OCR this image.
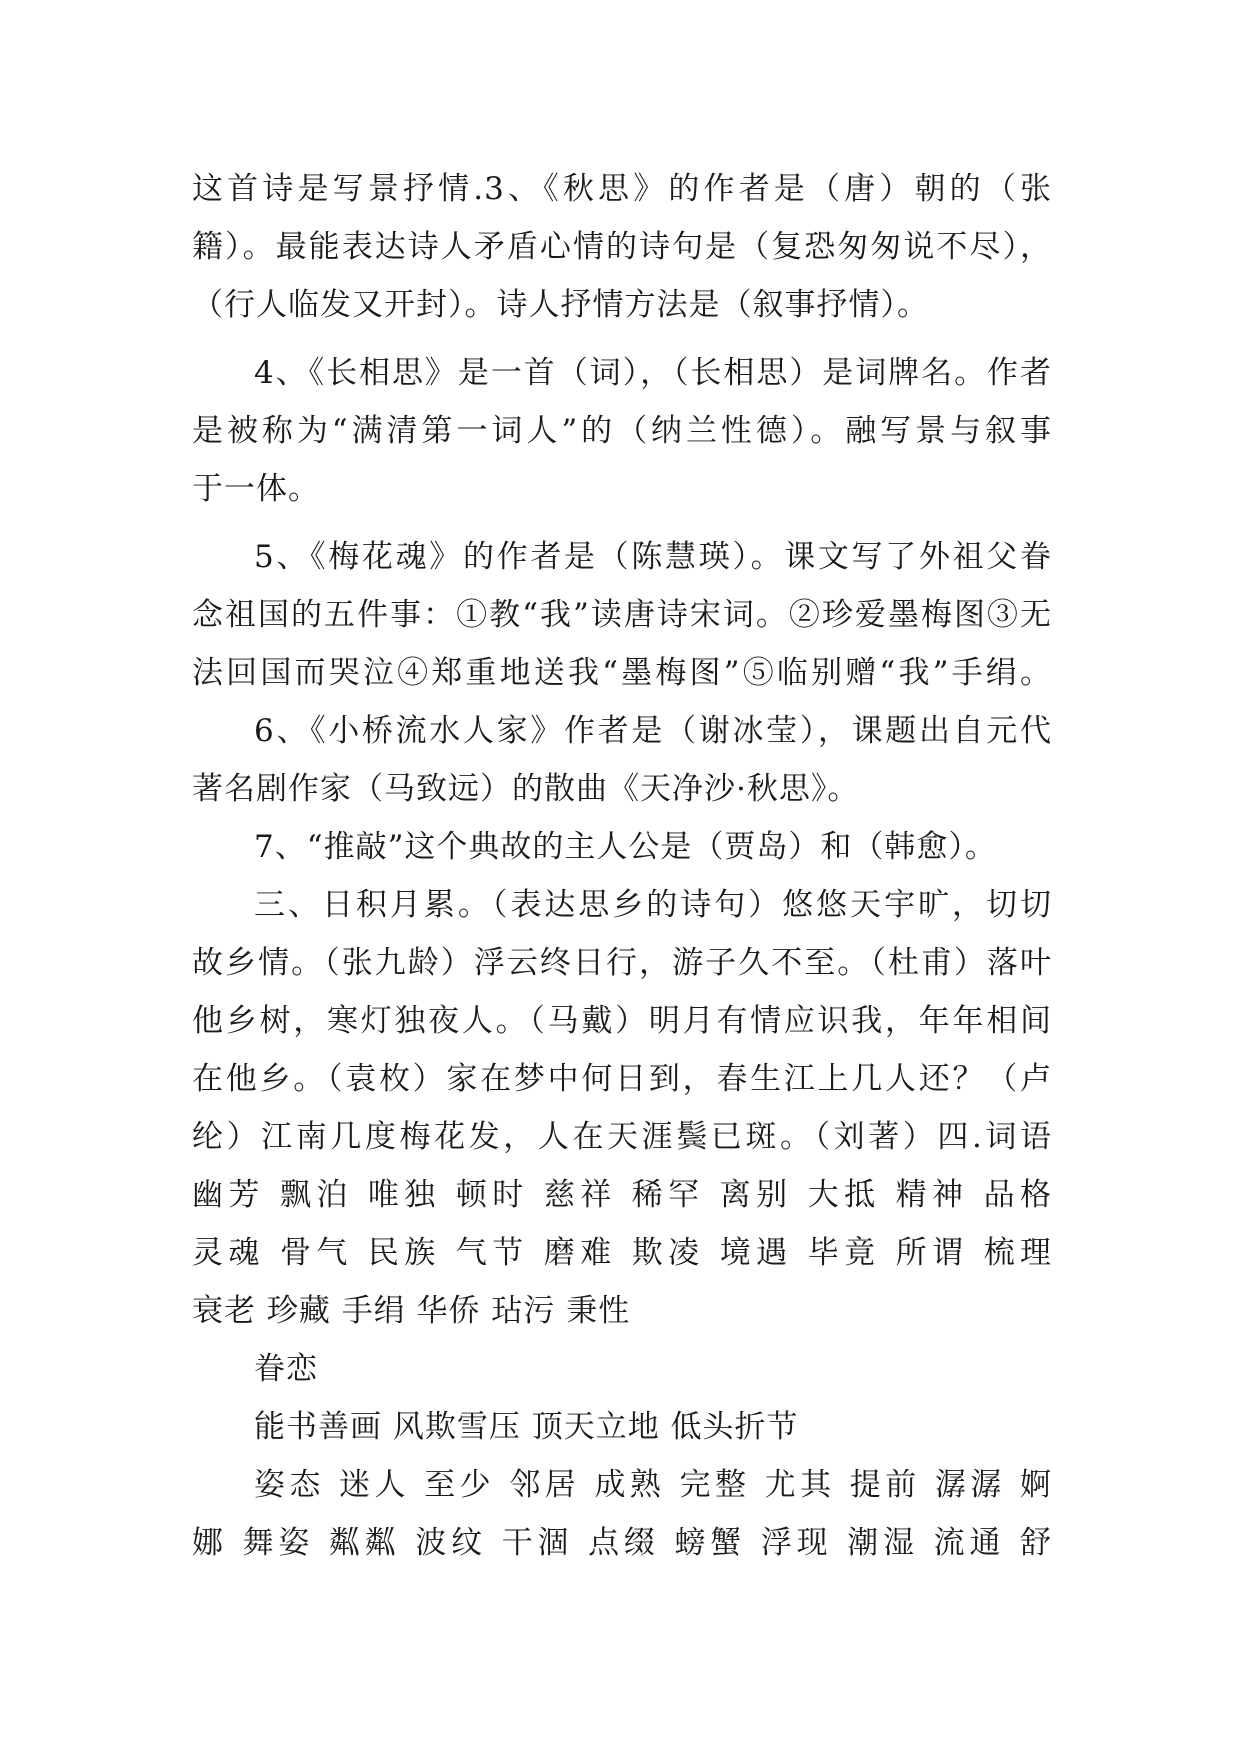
这首诗是写景抒情.3、《秋思》的作者是（唐）朝的（张
籍）。最能表达诗人矛盾心情的诗句是（复恐匆匆说不尽），
（行人临发又开封）。诗人抒情方法是（叙事抒情）。
4、《长相思》是一首（词），（长相思）是词牌名。作者
是被称为“满清第一词人”的（纳兰性德）。融写景与叙事
于一体。
5、《梅花魂》的作者是（陈慧瑛）。课文写了外祖父眷
念祖国的五件事：①教“我”读唐诗宋词。②珍爱墨梅图③无
法回国而哭泣④郑重地送我“墨梅图”⑤临别赠“我”手绢。
6、《小桥流水人家》作者是（谢冰莹），课题出自元代
著名剧作家（马致远）的散曲《天净沙·秋思》。
7、“推敲”这个典故的主人公是（贾岛）和（韩愈）。
三、日积月累。（表达思乡的诗句）悠悠天宇旷，切切
故乡情。（张九龄）浮云终日行，游子久不至。（杜甫）落叶
他乡树，寒灯独夜人。（马戴）明月有情应识我，年年相间
在他乡。（袁枚）家在梦中何日到，春生江上几人还？（卢
纶）江南几度梅花发，人在天涯鬓已斑。（刘著）四.词语
幽芳 飘泊 唯独 顿时 慈祥 稀罕 离别 大抵 精神 品格
灵魂 骨气 民族 气节 磨难 欺凌 境遇 毕竟 所谓 梳理
衰老 珍藏 手绢 华侨 玷污 秉性
眷恋
能书善画 风欺雪压 顶天立地 低头折节
姿态 迷人 至少 邻居 成熟 完整 尤其 提前 潺潺 婀
娜 舞姿 粼粼 波纹 干涸 点缀 螃蟹 浮现 潮湿 流通 舒
